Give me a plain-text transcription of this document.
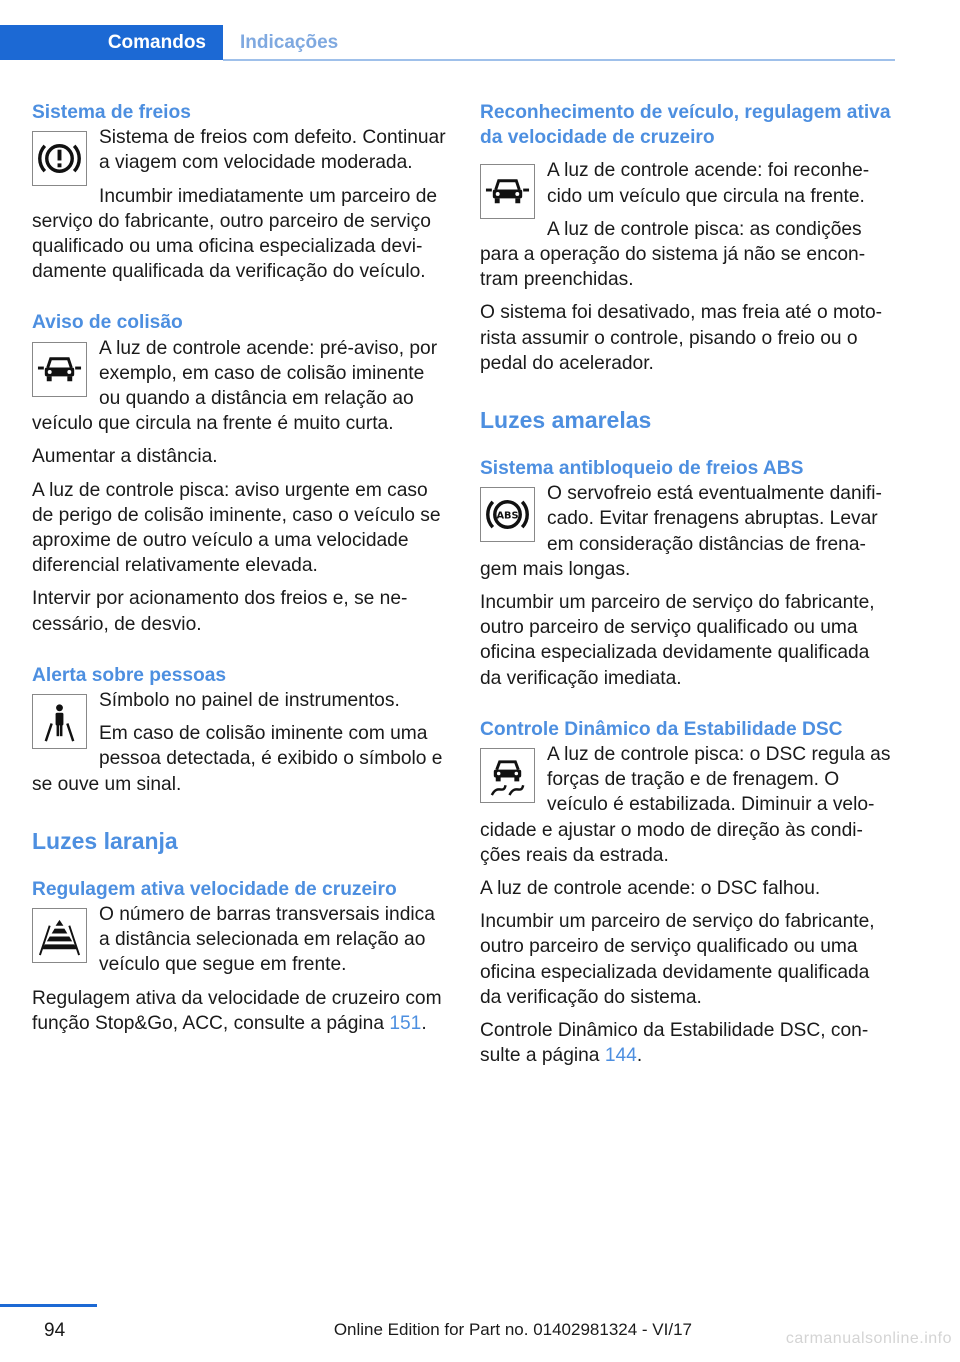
Comandos	Indicações
Sistema de freios

Sistema de freios com defeito. Continuar a viagem com velocidade moderada.

Incumbir imediatamente um parceiro de serviço do fabricante, outro parceiro de serviço qualificado ou uma oficina especializada devidamente qualificada da verificação do veículo.

Aviso de colisão

A luz de controle acende: pré-aviso, por exemplo, em caso de colisão iminente ou quando a distância em relação ao veículo que circula na frente é muito curta.

Aumentar a distância.

A luz de controle pisca: aviso urgente em caso de perigo de colisão iminente, caso o veículo se aproxime de outro veículo a uma velocidade diferencial relativamente elevada.

Intervir por acionamento dos freios e, se necessário, de desvio.

Alerta sobre pessoas

Símbolo no painel de instrumentos.

Em caso de colisão iminente com uma pessoa detectada, é exibido o símbolo e se ouve um sinal.

Luzes laranja
Regulagem ativa velocidade de cruzeiro

O número de barras transversais indica a distância selecionada em relação ao veículo que segue em frente.

Regulagem ativa da velocidade de cruzeiro com função Stop&Go, ACC, consulte a página 151.

Reconhecimento de veículo, regulagem ativa da velocidade de cruzeiro

A luz de controle acende: foi reconhecido um veículo que circula na frente.

A luz de controle pisca: as condições para a operação do sistema já não se encontram preenchidas.

O sistema foi desativado, mas freia até o motorista assumir o controle, pisando o freio ou o pedal do acelerador.

Luzes amarelas
Sistema antibloqueio de freios ABS
ABS

O servofreio está eventualmente danificado. Evitar frenagens abruptas. Levar em consideração distâncias de frenagem mais longas.

Incumbir um parceiro de serviço do fabricante, outro parceiro de serviço qualificado ou uma oficina especializada devidamente qualificada da verificação imediata.

Controle Dinâmico da Estabilidade DSC

A luz de controle pisca: o DSC regula as forças de tração e de frenagem. O veículo é estabilizada. Diminuir a velocidade e ajustar o modo de direção às condições reais da estrada.

A luz de controle acende: o DSC falhou.

Incumbir um parceiro de serviço do fabricante, outro parceiro de serviço qualificado ou uma oficina especializada devidamente qualificada da verificação do sistema.

Controle Dinâmico da Estabilidade DSC, consulte a página 144.

94	Online Edition for Part no. 01402981324 - VI/17	carmanualsonline.info
